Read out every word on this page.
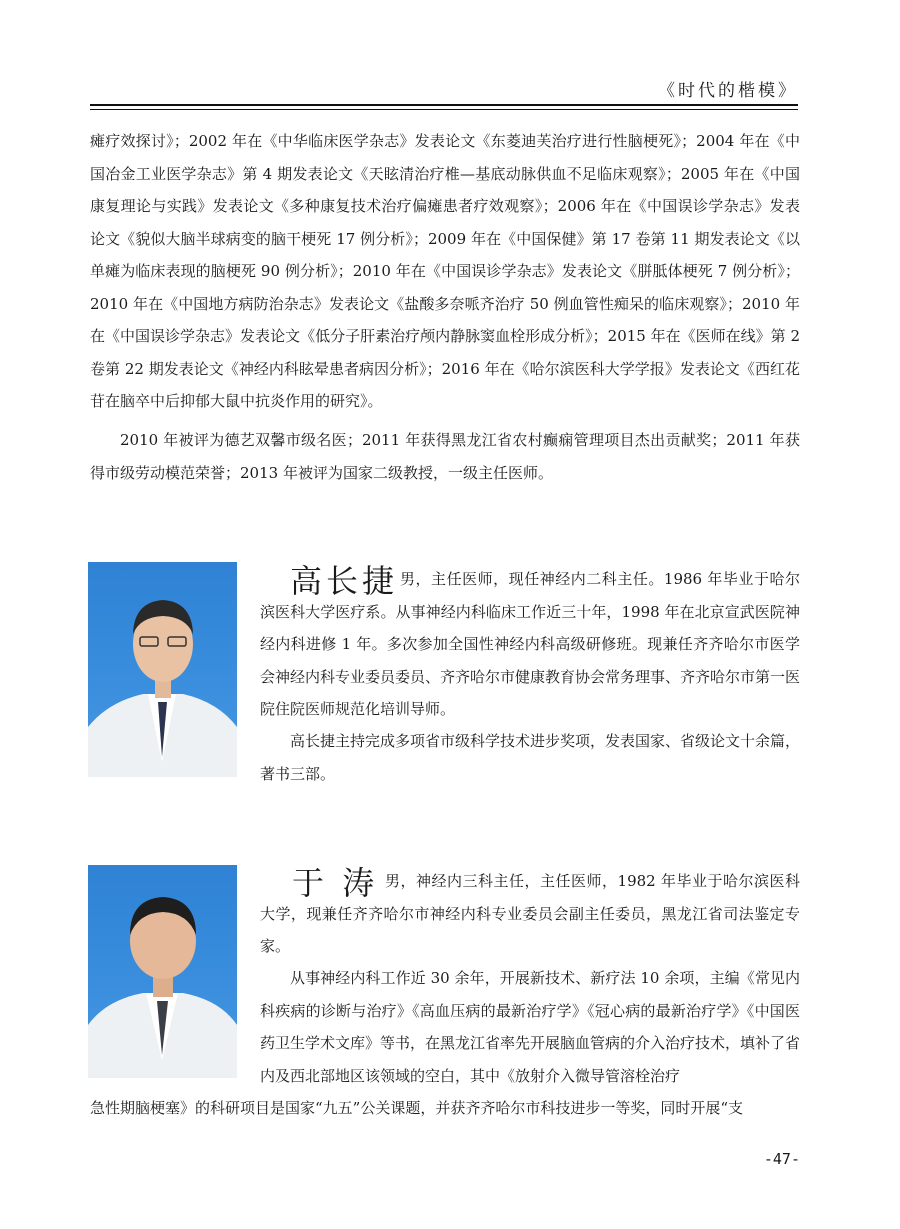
《时代的楷模》

瘫疗效探讨》；2002 年在《中华临床医学杂志》发表论文《东菱迪芙治疗进行性脑梗死》；2004 年在《中国冶金工业医学杂志》第 4 期发表论文《天眩清治疗椎—基底动脉供血不足临床观察》；2005 年在《中国康复理论与实践》发表论文《多种康复技术治疗偏瘫患者疗效观察》；2006 年在《中国误诊学杂志》发表论文《貌似大脑半球病变的脑干梗死 17 例分析》；2009 年在《中国保健》第 17 卷第 11 期发表论文《以单瘫为临床表现的脑梗死 90 例分析》；2010 年在《中国误诊学杂志》发表论文《胼胝体梗死 7 例分析》；2010 年在《中国地方病防治杂志》发表论文《盐酸多奈哌齐治疗 50 例血管性痴呆的临床观察》；2010 年在《中国误诊学杂志》发表论文《低分子肝素治疗颅内静脉窦血栓形成分析》；2015 年在《医师在线》第 2 卷第 22 期发表论文《神经内科眩晕患者病因分析》；2016 年在《哈尔滨医科大学学报》发表论文《西红花苷在脑卒中后抑郁大鼠中抗炎作用的研究》。

2010 年被评为德艺双馨市级名医；2011 年获得黑龙江省农村癫痫管理项目杰出贡献奖；2011 年获得市级劳动模范荣誉；2013 年被评为国家二级教授，一级主任医师。

高长捷 男，主任医师，现任神经内二科主任。1986 年毕业于哈尔滨医科大学医疗系。从事神经内科临床工作近三十年，1998 年在北京宣武医院神经内科进修 1 年。多次参加全国性神经内科高级研修班。现兼任齐齐哈尔市医学会神经内科专业委员委员、齐齐哈尔市健康教育协会常务理事、齐齐哈尔市第一医院住院医师规范化培训导师。

高长捷主持完成多项省市级科学技术进步奖项，发表国家、省级论文十余篇，著书三部。

于 涛 男，神经内三科主任，主任医师，1982 年毕业于哈尔滨医科大学，现兼任齐齐哈尔市神经内科专业委员会副主任委员，黑龙江省司法鉴定专家。

从事神经内科工作近 30 余年，开展新技术、新疗法 10 余项，主编《常见内科疾病的诊断与治疗》《高血压病的最新治疗学》《冠心病的最新治疗学》《中国医药卫生学术文库》等书，在黑龙江省率先开展脑血管病的介入治疗技术，填补了省内及西北部地区该领域的空白，其中《放射介入微导管溶栓治疗

急性期脑梗塞》的科研项目是国家“九五”公关课题，并获齐齐哈尔市科技进步一等奖，同时开展“支

-47-
